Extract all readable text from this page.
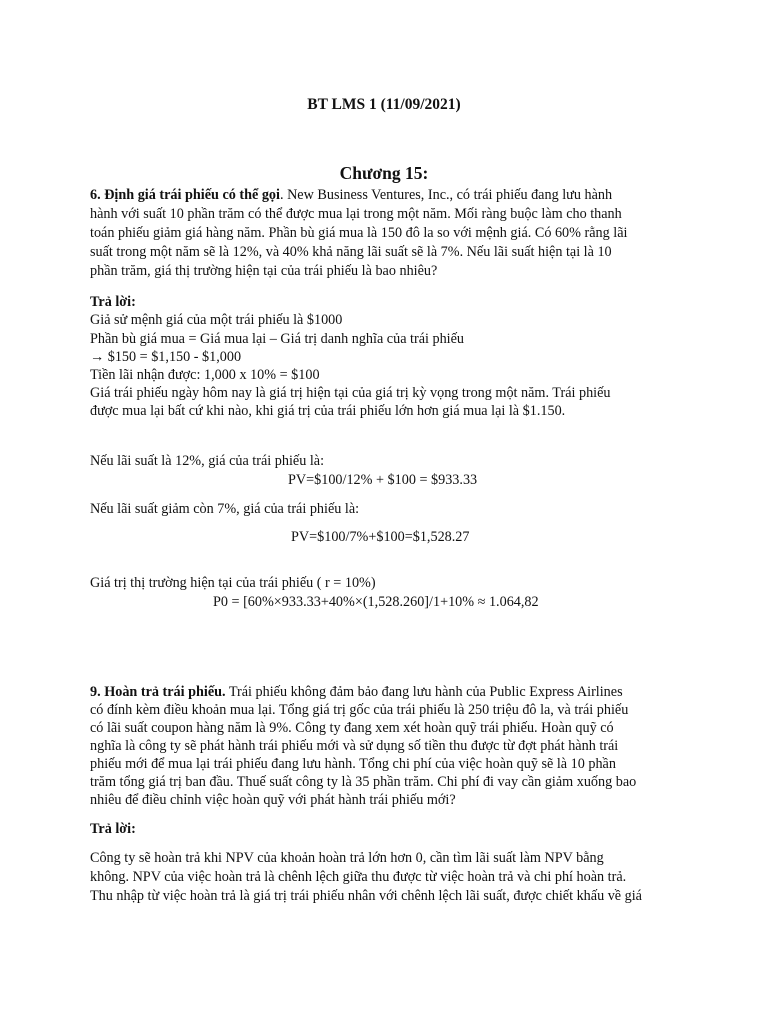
BT LMS 1 (11/09/2021)
Chương 15:
6. Định giá trái phiếu có thể gọi. New Business Ventures, Inc., có trái phiếu đang lưu hành
hành với suất 10 phần trăm có thể được mua lại trong một năm. Mối ràng buộc làm cho thanh
toán phiếu giảm giá hàng năm. Phần bù giá mua là 150 đô la so với mệnh giá. Có 60% rằng lãi
suất trong một năm sẽ là 12%, và 40% khả năng lãi suất sẽ là 7%. Nếu lãi suất hiện tại là 10
phần trăm, giá thị trường hiện tại của trái phiếu là bao nhiêu?
Trả lời:
Giả sử mệnh giá của một trái phiếu là $1000
Phần bù giá mua = Giá mua lại – Giá trị danh nghĩa của trái phiếu
→ $150 = $1,150 - $1,000
Tiền lãi nhận được: 1,000 x 10% = $100
Giá trái phiếu ngày hôm nay là giá trị hiện tại của giá trị kỳ vọng trong một năm. Trái phiếu
được mua lại bất cứ khi nào, khi giá trị của trái phiếu lớn hơn giá mua lại là $1.150.
Nếu lãi suất là 12%, giá của trái phiếu là:
PV=$100/12% + $100 = $933.33
Nếu lãi suất giảm còn 7%, giá của trái phiếu là:
PV=$100/7%+$100=$1,528.27
Giá trị thị trường hiện tại của trái phiếu ( r = 10%)
P0 = [60%×933.33+40%×(1,528.260]/1+10% ≈ 1.064,82
9. Hoàn trả trái phiếu. Trái phiếu không đảm bảo đang lưu hành của Public Express Airlines
có đính kèm điều khoản mua lại. Tổng giá trị gốc của trái phiếu là 250 triệu đô la, và trái phiếu
có lãi suất coupon hàng năm là 9%. Công ty đang xem xét hoàn quỹ trái phiếu. Hoàn quỹ có
nghĩa là công ty sẽ phát hành trái phiếu mới và sử dụng số tiền thu được từ đợt phát hành trái
phiếu mới để mua lại trái phiếu đang lưu hành. Tổng chi phí của việc hoàn quỹ sẽ là 10 phần
trăm tổng giá trị ban đầu. Thuế suất công ty là 35 phần trăm. Chi phí đi vay cần giảm xuống bao
nhiêu để điều chỉnh việc hoàn quỹ với phát hành trái phiếu mới?
Trả lời:
Công ty sẽ hoàn trả khi NPV của khoản hoàn trả lớn hơn 0, cần tìm lãi suất làm NPV bằng
không. NPV của việc hoàn trả là chênh lệch giữa thu được từ việc hoàn trả và chi phí hoàn trả.
Thu nhập từ việc hoàn trả là giá trị trái phiếu nhân với chênh lệch lãi suất, được chiết khấu về giá
